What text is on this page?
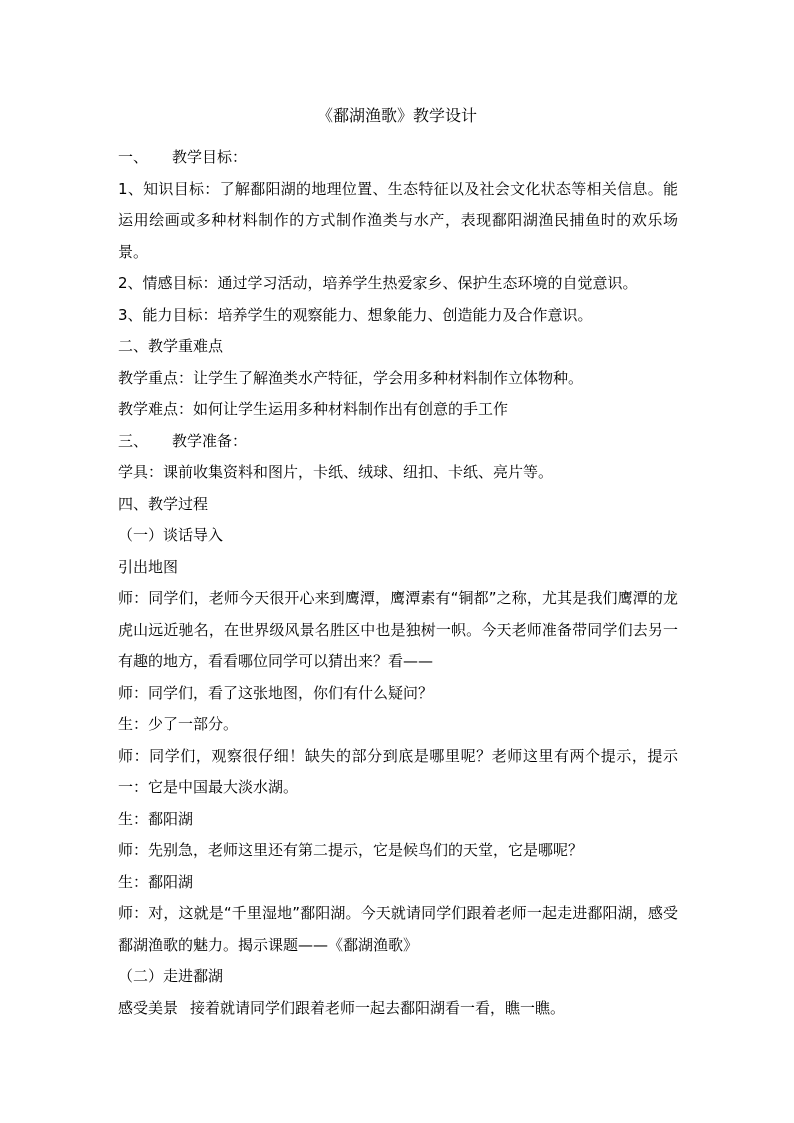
《鄱湖渔歌》教学设计

一、 教学目标：

1、知识目标：了解鄱阳湖的地理位置、生态特征以及社会文化状态等相关信息。能运用绘画或多种材料制作的方式制作渔类与水产，表现鄱阳湖渔民捕鱼时的欢乐场景。

2、情感目标：通过学习活动，培养学生热爱家乡、保护生态环境的自觉意识。

3、能力目标：培养学生的观察能力、想象能力、创造能力及合作意识。

二、教学重难点

教学重点：让学生了解渔类水产特征，学会用多种材料制作立体物种。

教学难点：如何让学生运用多种材料制作出有创意的手工作

三、 教学准备：

学具：课前收集资料和图片，卡纸、绒球、纽扣、卡纸、亮片等。

四、教学过程

（一）谈话导入

引出地图

师：同学们，老师今天很开心来到鹰潭，鹰潭素有“铜都”之称，尤其是我们鹰潭的龙虎山远近驰名，在世界级风景名胜区中也是独树一帜。今天老师准备带同学们去另一有趣的地方，看看哪位同学可以猜出来？看——

师：同学们，看了这张地图，你们有什么疑问？

生：少了一部分。

师：同学们，观察很仔细！缺失的部分到底是哪里呢？老师这里有两个提示，提示一：它是中国最大淡水湖。

生：鄱阳湖

师：先别急，老师这里还有第二提示，它是候鸟们的天堂，它是哪呢？

生：鄱阳湖

师：对，这就是“千里湿地”鄱阳湖。今天就请同学们跟着老师一起走进鄱阳湖，感受鄱湖渔歌的魅力。揭示课题——《鄱湖渔歌》

（二）走进鄱湖

感受美景 接着就请同学们跟着老师一起去鄱阳湖看一看，瞧一瞧。
